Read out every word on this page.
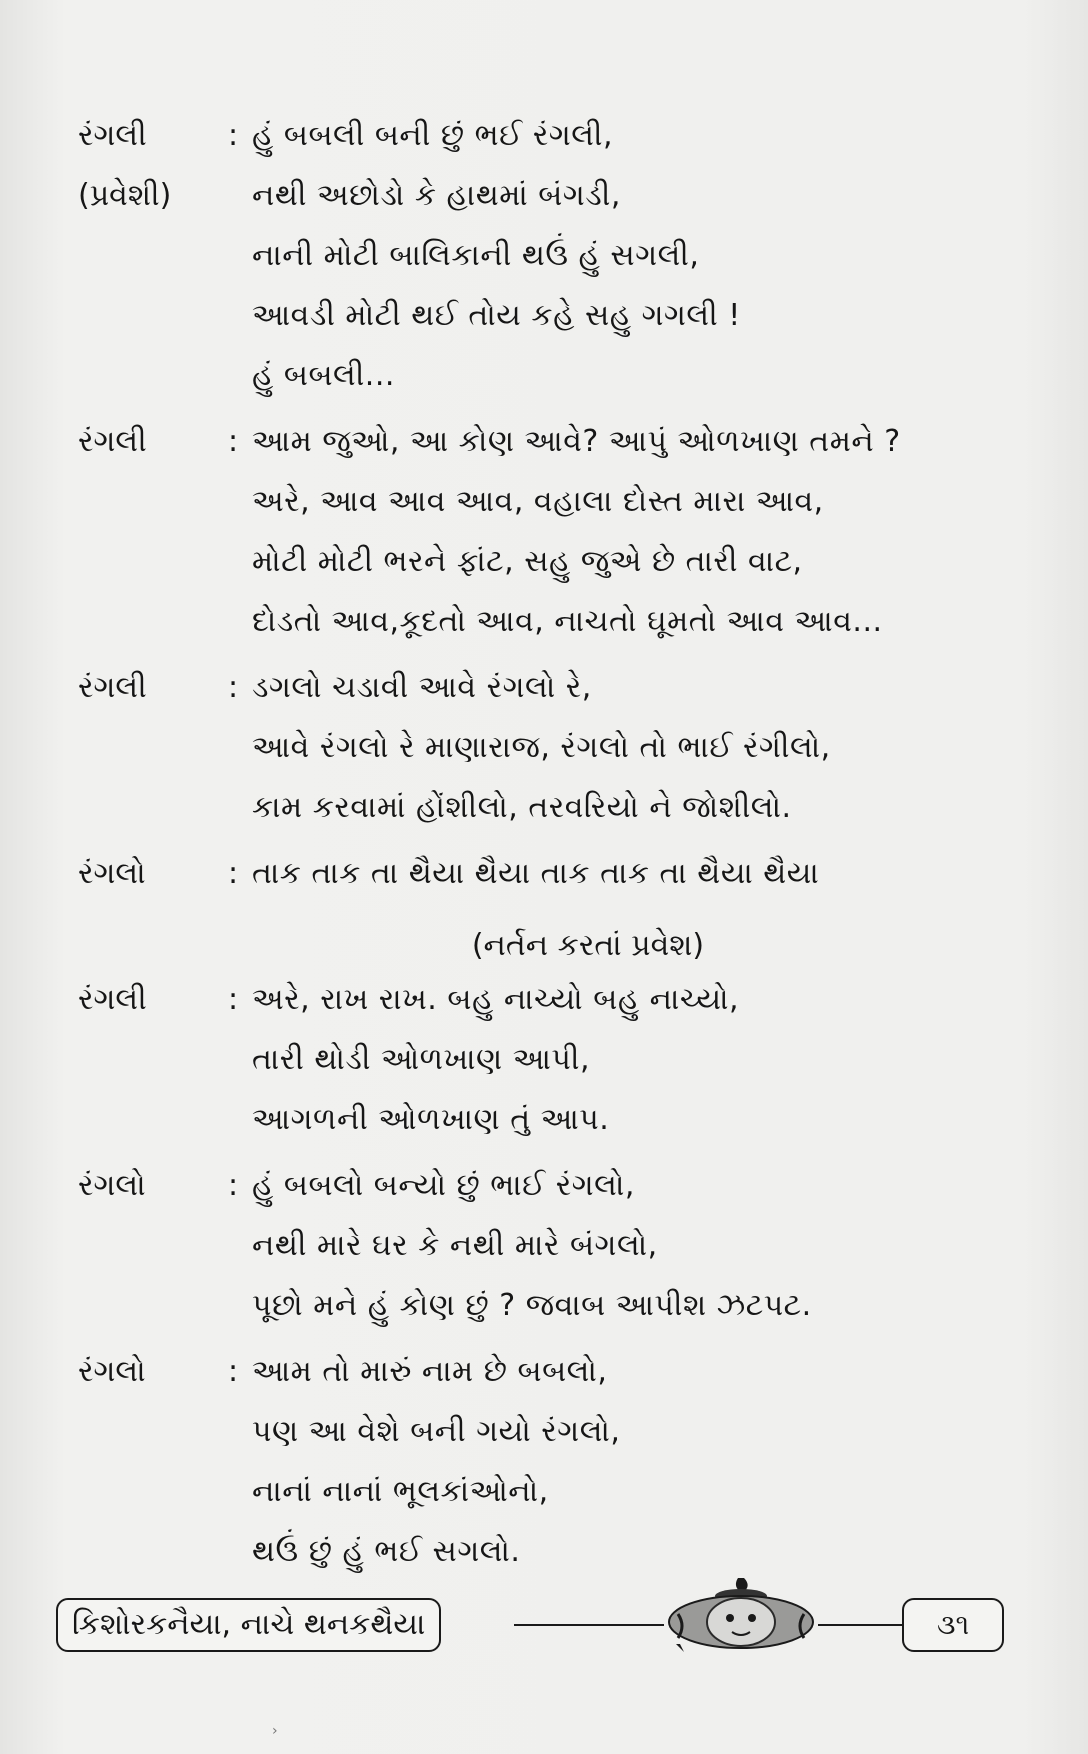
રંગલી	: હું બબલી બની છું ભઈ રંગલી,
(પ્રવેશી)	નથી અછોડો કે હાથમાં બંગડી,
નાની મોટી બાલિકાની થઉં હું સગલી,
આવડી મોટી થઈ તોય કહે સહુ ગગલી !
હું બબલી...
રંગલી	: આમ જુઓ, આ કોણ આવે? આપું ઓળખાણ તમને ?
અરે, આવ આવ આવ, વહાલા દોસ્ત મારા આવ,
મોટી મોટી ભરને ફાંટ, સહુ જુએ છે તારી વાટ,
દોડતો આવ,કૂદતો આવ, નાચતો ઘૂમતો આવ આવ...
રંગલી	: ડગલો ચડાવી આવે રંગલો રે,
આવે રંગલો રે માણારાજ, રંગલો તો ભાઈ રંગીલો,
કામ કરવામાં હોંશીલો, તરવરિયો ને જોશીલો.
રંગલો	: તાક તાક તા થૈયા થૈયા તાક તાક તા થૈયા થૈયા
(નર્તન કરતાં પ્રવેશ)
રંગલી	: અરે, રાખ રાખ. બહુ નાચ્યો બહુ નાચ્યો,
તારી થોડી ઓળખાણ આપી,
આગળની ઓળખાણ તું આપ.
રંગલો	: હું બબલો બન્યો છું ભાઈ રંગલો,
નથી મારે ઘર કે નથી મારે બંગલો,
પૂછો મને હું કોણ છું ? જવાબ આપીશ ઝટપટ.
રંગલો	: આમ તો મારું નામ છે બબલો,
પણ આ વેશે બની ગયો રંગલો,
નાનાં નાનાં ભૂલકાંઓનો,
થઉં છું હું ભઈ સગલો.
કિશોરકનૈયા, નાચે થનકથૈયા	૩૧
›
